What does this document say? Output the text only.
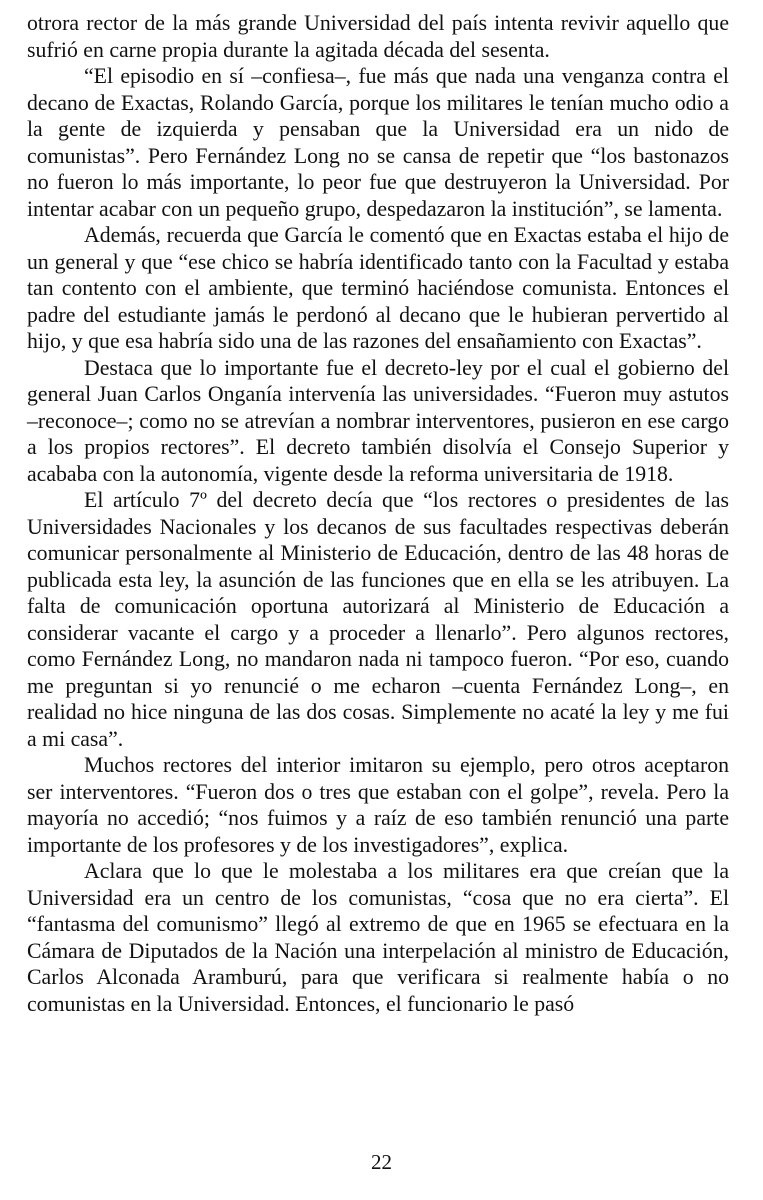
otrora rector de la más grande Universidad del país intenta revivir aquello que sufrió en carne propia durante la agitada década del sesenta.

“El episodio en sí –confiesa–, fue más que nada una venganza contra el decano de Exactas, Rolando García, porque los militares le tenían mucho odio a la gente de izquierda y pensaban que la Universidad era un nido de comunistas”. Pero Fernández Long no se cansa de repetir que “los bastonazos no fueron lo más importante, lo peor fue que destruyeron la Universidad. Por intentar acabar con un pequeño grupo, despedazaron la institución”, se lamenta.

Además, recuerda que García le comentó que en Exactas estaba el hijo de un general y que “ese chico se habría identificado tanto con la Facultad y estaba tan contento con el ambiente, que terminó haciéndose comunista. Entonces el padre del estudiante jamás le perdonó al decano que le hubieran pervertido al hijo, y que esa habría sido una de las razones del ensañamiento con Exactas”.

Destaca que lo importante fue el decreto-ley por el cual el gobierno del general Juan Carlos Onganía intervenía las universidades. “Fueron muy astutos –reconoce–; como no se atrevían a nombrar interventores, pusieron en ese cargo a los propios rectores”. El decreto también disolvía el Consejo Superior y acababa con la autonomía, vigente desde la reforma universitaria de 1918.

El artículo 7º del decreto decía que “los rectores o presidentes de las Universidades Nacionales y los decanos de sus facultades respectivas deberán comunicar personalmente al Ministerio de Educación, dentro de las 48 horas de publicada esta ley, la asunción de las funciones que en ella se les atribuyen. La falta de comunicación oportuna autorizará al Ministerio de Educación a considerar vacante el cargo y a proceder a llenarlo”. Pero algunos rectores, como Fernández Long, no mandaron nada ni tampoco fueron. “Por eso, cuando me preguntan si yo renuncié o me echaron –cuenta Fernández Long–, en realidad no hice ninguna de las dos cosas. Simplemente no acaté la ley y me fui a mi casa”.

Muchos rectores del interior imitaron su ejemplo, pero otros aceptaron ser interventores. “Fueron dos o tres que estaban con el golpe”, revela. Pero la mayoría no accedió; “nos fuimos y a raíz de eso también renunció una parte importante de los profesores y de los investigadores”, explica.

Aclara que lo que le molestaba a los militares era que creían que la Universidad era un centro de los comunistas, “cosa que no era cierta”. El “fantasma del comunismo” llegó al extremo de que en 1965 se efectuara en la Cámara de Diputados de la Nación una interpelación al ministro de Educación, Carlos Alconada Aramburú, para que verificara si realmente había o no comunistas en la Universidad. Entonces, el funcionario le pasó

22
